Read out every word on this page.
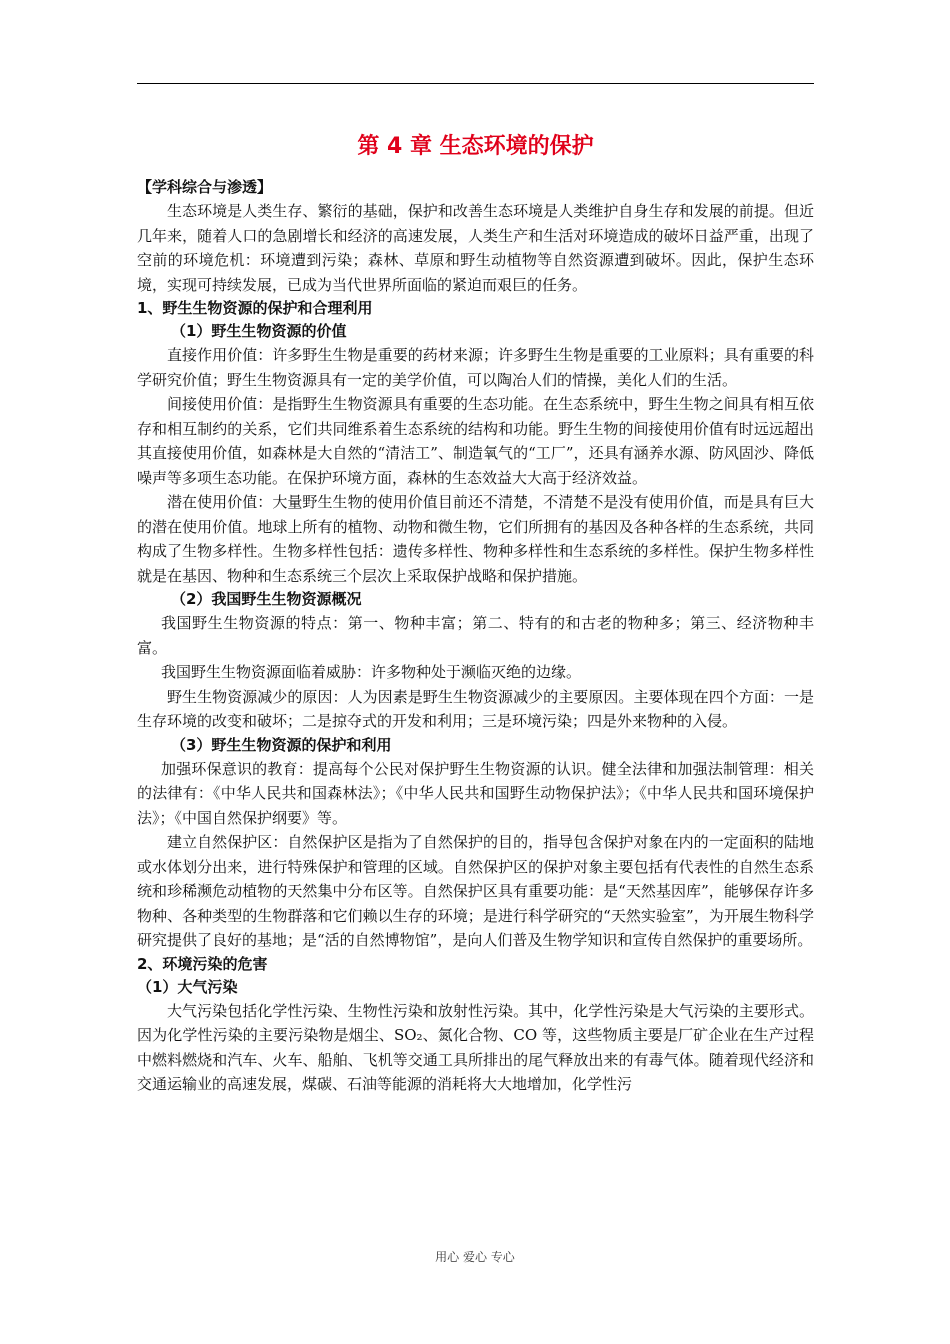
第 4 章 生态环境的保护
【学科综合与渗透】

生态环境是人类生存、繁衍的基础，保护和改善生态环境是人类维护自身生存和发展的前提。但近几年来，随着人口的急剧增长和经济的高速发展，人类生产和生活对环境造成的破坏日益严重，出现了空前的环境危机：环境遭到污染；森林、草原和野生动植物等自然资源遭到破坏。因此，保护生态环境，实现可持续发展，已成为当代世界所面临的紧迫而艰巨的任务。

1、野生生物资源的保护和合理利用
（1）野生生物资源的价值

直接作用价值：许多野生生物是重要的药材来源；许多野生生物是重要的工业原料；具有重要的科学研究价值；野生生物资源具有一定的美学价值，可以陶冶人们的情操，美化人们的生活。

间接使用价值：是指野生生物资源具有重要的生态功能。在生态系统中，野生生物之间具有相互依存和相互制约的关系，它们共同维系着生态系统的结构和功能。野生生物的间接使用价值有时远远超出其直接使用价值，如森林是大自然的“清洁工”、制造氧气的“工厂”，还具有涵养水源、防风固沙、降低噪声等多项生态功能。在保护环境方面，森林的生态效益大大高于经济效益。

潜在使用价值：大量野生生物的使用价值目前还不清楚，不清楚不是没有使用价值，而是具有巨大的潜在使用价值。地球上所有的植物、动物和微生物，它们所拥有的基因及各种各样的生态系统，共同构成了生物多样性。生物多样性包括：遗传多样性、物种多样性和生态系统的多样性。保护生物多样性就是在基因、物种和生态系统三个层次上采取保护战略和保护措施。

（2）我国野生生物资源概况

我国野生生物资源的特点：第一、物种丰富；第二、特有的和古老的物种多；第三、经济物种丰富。

我国野生生物资源面临着威胁：许多物种处于濒临灭绝的边缘。

野生生物资源减少的原因：人为因素是野生生物资源减少的主要原因。主要体现在四个方面：一是生存环境的改变和破坏；二是掠夺式的开发和利用；三是环境污染；四是外来物种的入侵。

（3）野生生物资源的保护和利用

加强环保意识的教育：提高每个公民对保护野生生物资源的认识。健全法律和加强法制管理：相关的法律有：《中华人民共和国森林法》；《中华人民共和国野生动物保护法》；《中华人民共和国环境保护法》；《中国自然保护纲要》等。

建立自然保护区：自然保护区是指为了自然保护的目的，指导包含保护对象在内的一定面积的陆地或水体划分出来，进行特殊保护和管理的区域。自然保护区的保护对象主要包括有代表性的自然生态系统和珍稀濒危动植物的天然集中分布区等。自然保护区具有重要功能：是“天然基因库”，能够保存许多物种、各种类型的生物群落和它们赖以生存的环境；是进行科学研究的“天然实验室”，为开展生物科学研究提供了良好的基地；是“活的自然博物馆”，是向人们普及生物学知识和宣传自然保护的重要场所。

2、环境污染的危害
（1）大气污染

大气污染包括化学性污染、生物性污染和放射性污染。其中，化学性污染是大气污染的主要形式。因为化学性污染的主要污染物是烟尘、SO₂、氮化合物、CO 等，这些物质主要是厂矿企业在生产过程中燃料燃烧和汽车、火车、船舶、飞机等交通工具所排出的尾气释放出来的有毒气体。随着现代经济和交通运输业的高速发展，煤碳、石油等能源的消耗将大大地增加，化学性污

用心 爱心 专心
